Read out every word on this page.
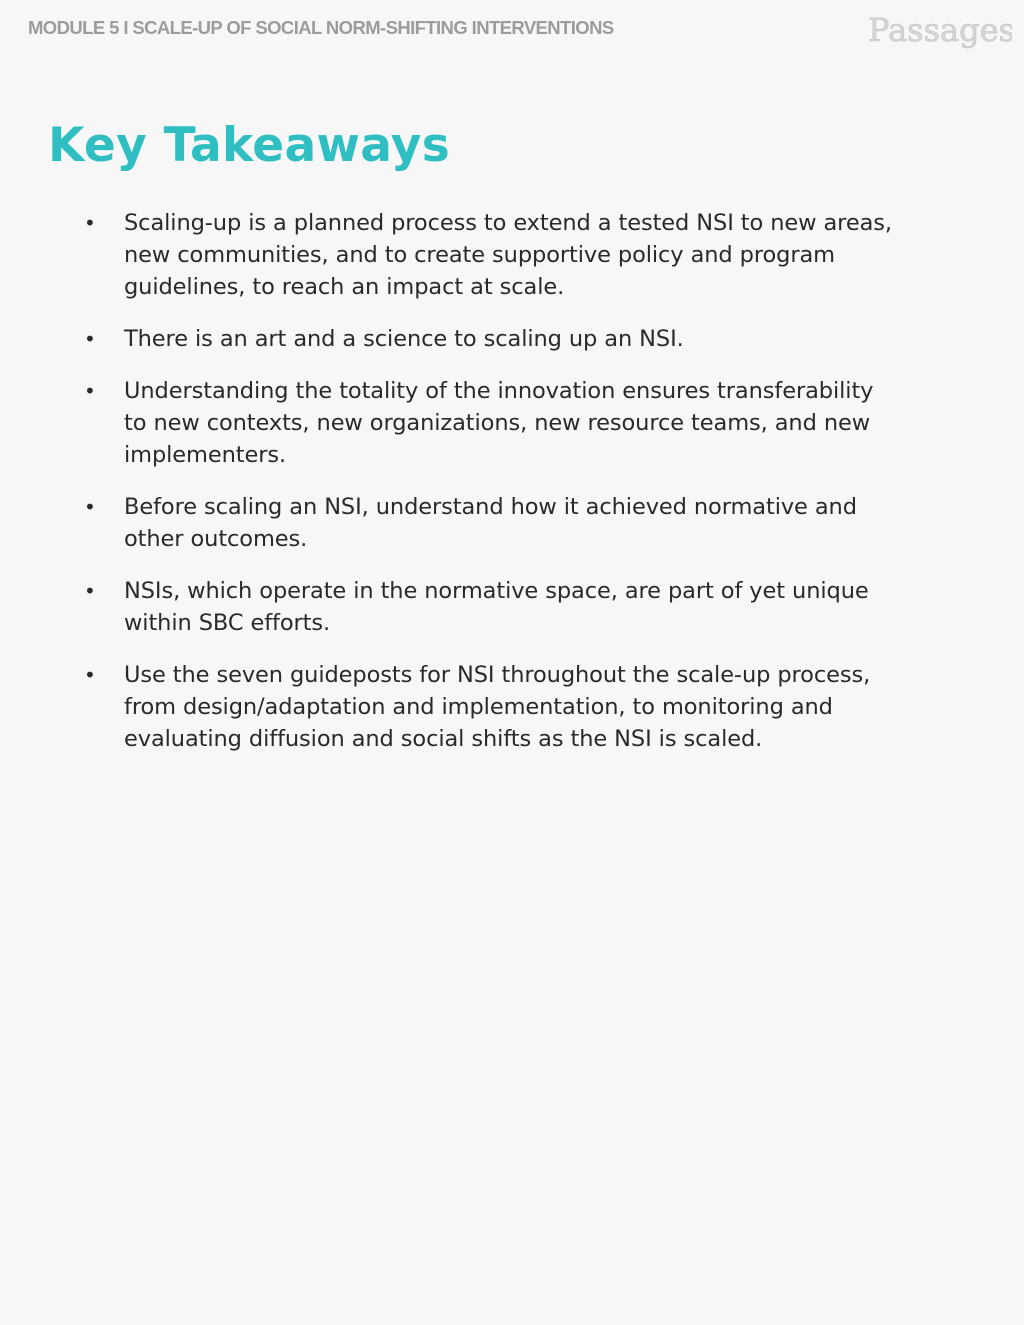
MODULE 5 I SCALE-UP OF SOCIAL NORM-SHIFTING INTERVENTIONS	Passages
Key Takeaways
•	Scaling-up is a planned process to extend a tested NSI to new areas, new communities, and to create supportive policy and program guidelines, to reach an impact at scale.
•	There is an art and a science to scaling up an NSI.
•	Understanding the totality of the innovation ensures transferability to new contexts, new organizations, new resource teams, and new implementers.
•	Before scaling an NSI, understand how it achieved normative and other outcomes.
•	NSIs, which operate in the normative space, are part of yet unique within SBC efforts.
•	Use the seven guideposts for NSI throughout the scale-up process, from design/adaptation and implementation, to monitoring and evaluating diffusion and social shifts as the NSI is scaled.
